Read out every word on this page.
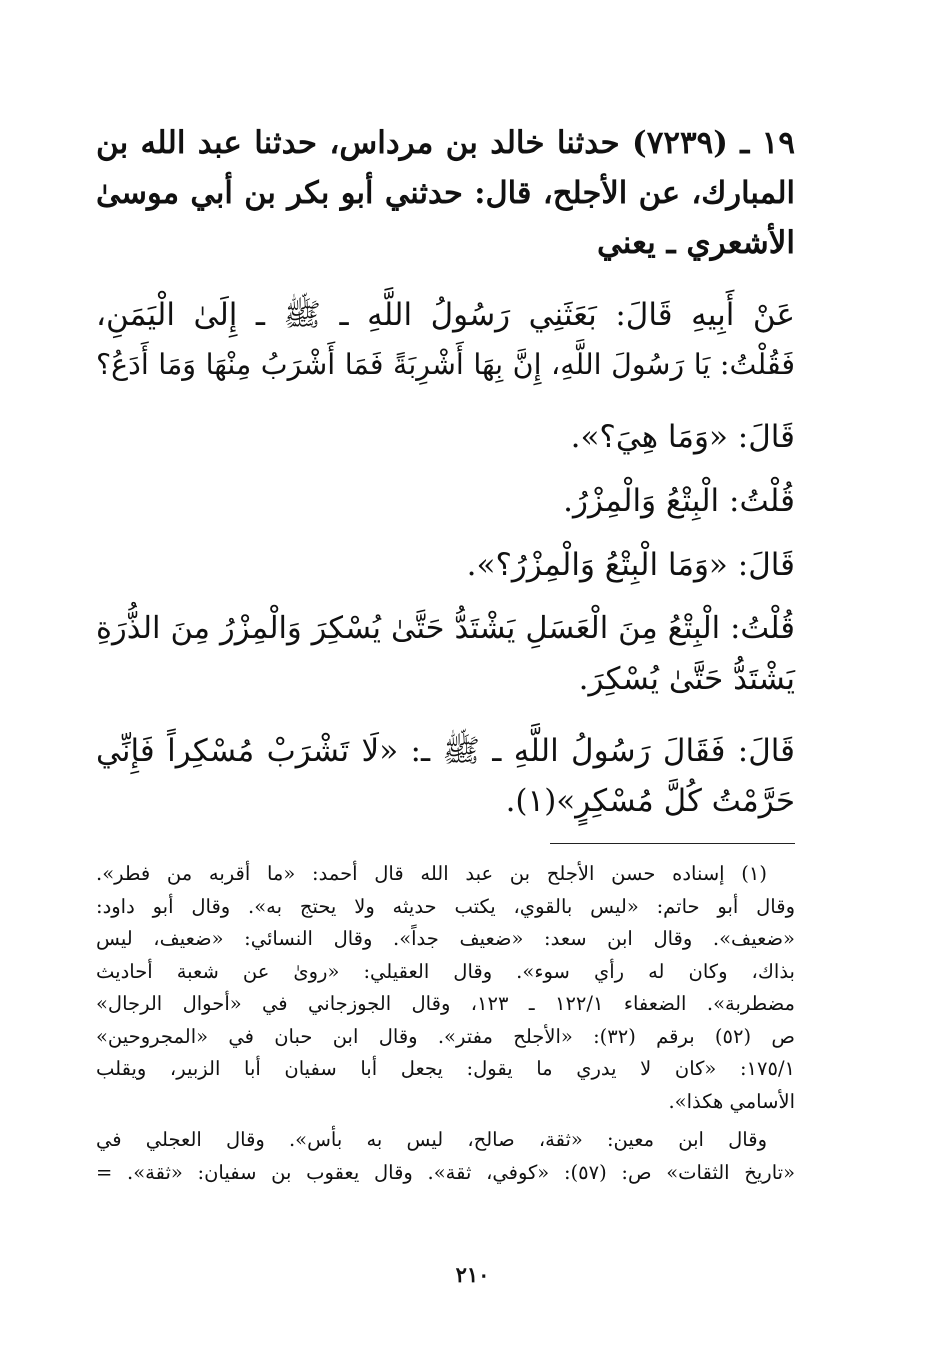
١٩ ـ (٧٢٣٩) حدثنا خالد بن مرداس، حدثنا عبد الله بن
المبارك، عن الأجلح، قال: حدثني أبو بكر بن أبي موسىٰ
الأشعري ـ يعني
عَنْ أَبِيهِ قَالَ: بَعَثَنِي رَسُولُ اللَّهِ ـ ﷺ ـ إِلَىٰ الْيَمَنِ،
فَقُلْتُ: يَا رَسُولَ اللَّهِ، إِنَّ بِهَا أَشْرِبَةً فَمَا أَشْرَبُ مِنْهَا وَمَا أَدَعُ؟
قَالَ: «وَمَا هِيَ؟».
قُلْتُ: الْبِتْعُ وَالْمِزْرُ.
قَالَ: «وَمَا الْبِتْعُ وَالْمِزْرُ؟».
قُلْتُ: الْبِتْعُ مِنَ الْعَسَلِ يَشْتَدُّ حَتَّىٰ يُسْكِرَ وَالْمِزْرُ مِنَ الذُّرَةِ
يَشْتَدُّ حَتَّىٰ يُسْكِرَ.
قَالَ: فَقَالَ رَسُولُ اللَّهِ ـ ﷺ ـ: «لَا تَشْرَبْ مُسْكِراً فَإِنِّي
حَرَّمْتُ كُلَّ مُسْكِرٍ»(١).
(١) إسناده حسن الأجلح بن عبد الله قال أحمد: «ما أقربه من فطر».
وقال أبو حاتم: «ليس بالقوي، يكتب حديثه ولا يحتج به». وقال أبو داود:
«ضعيف». وقال ابن سعد: «ضعيف جداً». وقال النسائي: «ضعيف، ليس
بذاك، وكان له رأي سوء». وقال العقيلي: «روىٰ عن شعبة أحاديث
مضطربة». الضعفاء ١٢٢/١ ـ ١٢٣، وقال الجوزجاني في «أحوال الرجال»
ص (٥٢) برقم (٣٢): «الأجلح مفتر». وقال ابن حبان في «المجروحين»
١٧٥/١: «كان لا يدري ما يقول: يجعل أبا سفيان أبا الزبير، ويقلب
الأسامي هكذا».
وقال ابن معين: «ثقة، صالح، ليس به بأس». وقال العجلي في
«تاريخ الثقات» ص: (٥٧): «كوفي، ثقة». وقال يعقوب بن سفيان: «ثقة». =
٢١٠
